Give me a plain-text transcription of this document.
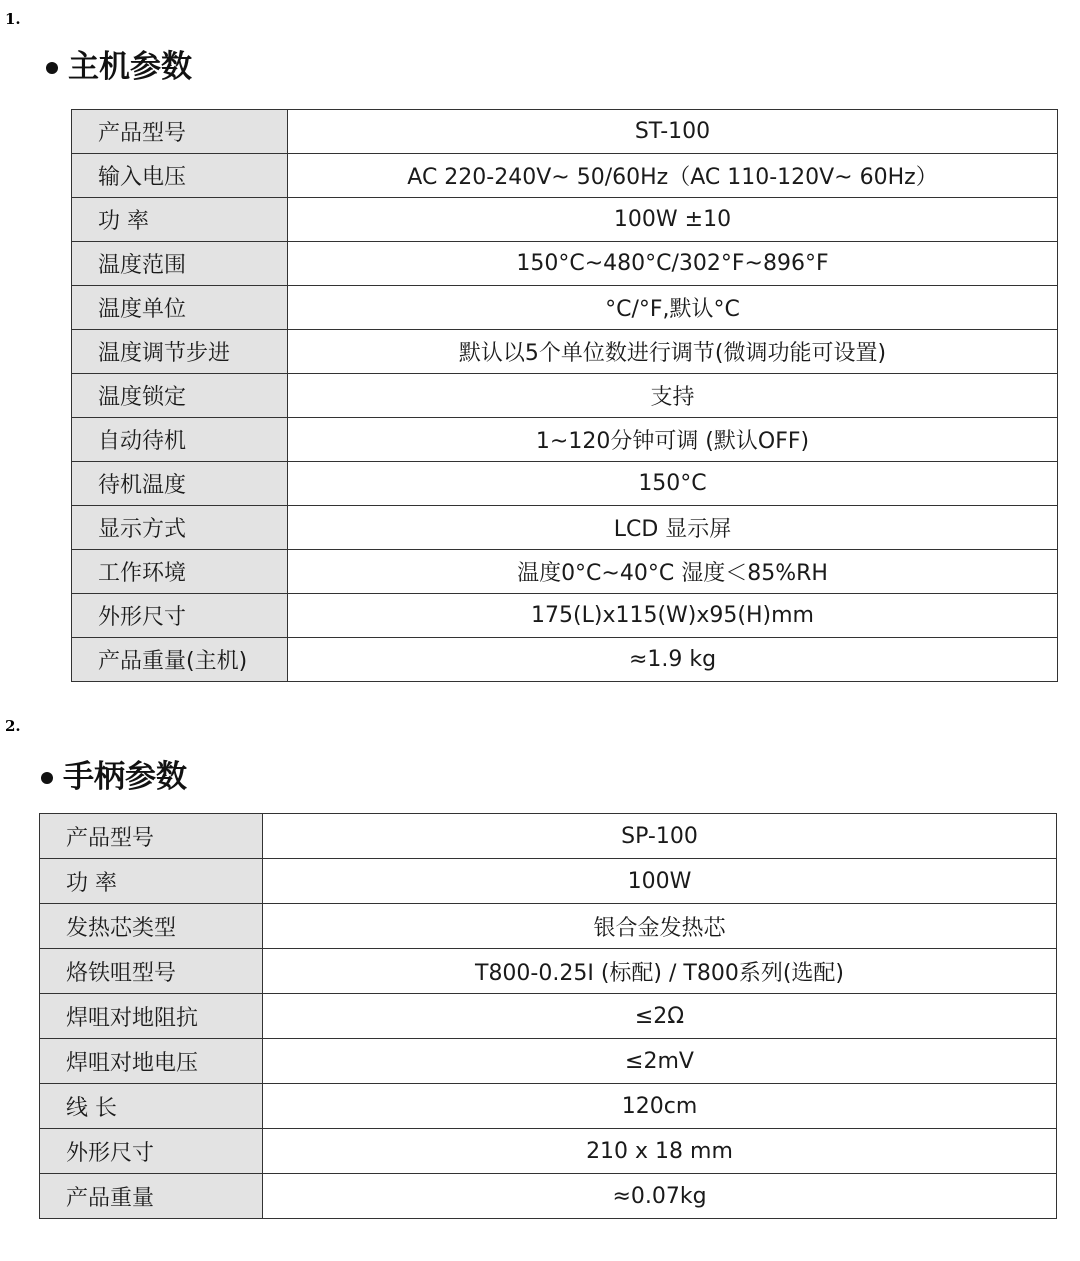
1.
主机参数
产品型号	ST-100
输入电压	AC 220-240V~ 50/60Hz（AC 110-120V~ 60Hz）
功 率	100W ±10
温度范围	150°C~480°C/302°F~896°F
温度单位	°C/°F,默认°C
温度调节步进	默认以5个单位数进行调节(微调功能可设置)
温度锁定	支持
自动待机	1~120分钟可调 (默认OFF)
待机温度	150°C
显示方式	LCD 显示屏
工作环境	温度0°C~40°C 湿度＜85%RH
外形尺寸	175(L)x115(W)x95(H)mm
产品重量(主机)	≈1.9 kg
2.
手柄参数
产品型号	SP-100
功 率	100W
发热芯类型	银合金发热芯
烙铁咀型号	T800-0.25I (标配) / T800系列(选配)
焊咀对地阻抗	≤2Ω
焊咀对地电压	≤2mV
线 长	120cm
外形尺寸	210 x 18 mm
产品重量	≈0.07kg
